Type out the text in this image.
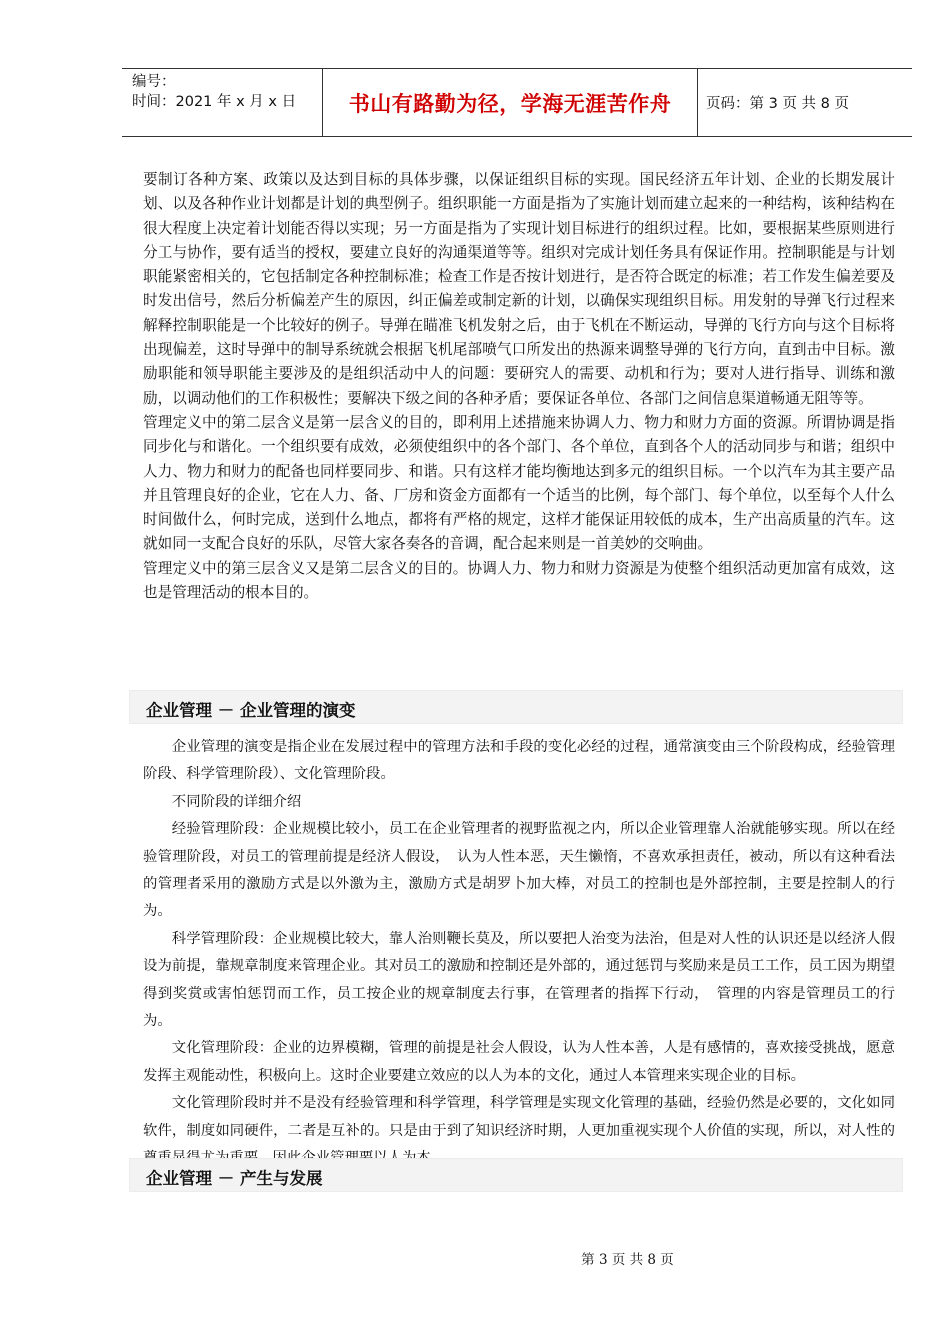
编号：
时间：2021 年 x 月 x 日	书山有路勤为径，学海无涯苦作舟 页码：第 3 页 共 8 页

要制订各种方案、政策以及达到目标的具体步骤，以保证组织目标的实现。国民经济五年计划、企业的长期发展计划、以及各种作业计划都是计划的典型例子。组织职能一方面是指为了实施计划而建立起来的一种结构，该种结构在很大程度上决定着计划能否得以实现；另一方面是指为了实现计划目标进行的组织过程。比如，要根据某些原则进行分工与协作，要有适当的授权，要建立良好的沟通渠道等等。组织对完成计划任务具有保证作用。控制职能是与计划职能紧密相关的，它包括制定各种控制标准；检查工作是否按计划进行，是否符合既定的标准；若工作发生偏差要及时发出信号，然后分析偏差产生的原因，纠正偏差或制定新的计划，以确保实现组织目标。用发射的导弹飞行过程来解释控制职能是一个比较好的例子。导弹在瞄准飞机发射之后，由于飞机在不断运动，导弹的飞行方向与这个目标将出现偏差，这时导弹中的制导系统就会根据飞机尾部喷气口所发出的热源来调整导弹的飞行方向，直到击中目标。激励职能和领导职能主要涉及的是组织活动中人的问题：要研究人的需要、动机和行为；要对人进行指导、训练和激励，以调动他们的工作积极性；要解决下级之间的各种矛盾；要保证各单位、各部门之间信息渠道畅通无阻等等。

管理定义中的第二层含义是第一层含义的目的，即利用上述措施来协调人力、物力和财力方面的资源。所谓协调是指同步化与和谐化。一个组织要有成效，必须使组织中的各个部门、各个单位，直到各个人的活动同步与和谐；组织中人力、物力和财力的配备也同样要同步、和谐。只有这样才能均衡地达到多元的组织目标。一个以汽车为其主要产品并且管理良好的企业，它在人力、备、厂房和资金方面都有一个适当的比例，每个部门、每个单位，以至每个人什么时间做什么，何时完成，送到什么地点，都将有严格的规定，这样才能保证用较低的成本，生产出高质量的汽车。这就如同一支配合良好的乐队，尽管大家各奏各的音调，配合起来则是一首美妙的交响曲。

管理定义中的第三层含义又是第二层含义的目的。协调人力、物力和财力资源是为使整个组织活动更加富有成效，这也是管理活动的根本目的。

企业管理 － 企业管理的演变

企业管理的演变是指企业在发展过程中的管理方法和手段的变化必经的过程，通常演变由三个阶段构成，经验管理阶段、科学管理阶段）、文化管理阶段。

不同阶段的详细介绍

经验管理阶段：企业规模比较小，员工在企业管理者的视野监视之内，所以企业管理靠人治就能够实现。所以在经验管理阶段，对员工的管理前提是经济人假设，　认为人性本恶，天生懒惰，不喜欢承担责任，被动，所以有这种看法的管理者采用的激励方式是以外激为主，激励方式是胡罗卜加大棒，对员工的控制也是外部控制，主要是控制人的行为。

科学管理阶段：企业规模比较大，靠人治则鞭长莫及，所以要把人治变为法治，但是对人性的认识还是以经济人假设为前提，靠规章制度来管理企业。其对员工的激励和控制还是外部的，通过惩罚与奖励来是员工工作，员工因为期望得到奖赏或害怕惩罚而工作，员工按企业的规章制度去行事，在管理者的指挥下行动，　管理的内容是管理员工的行为。

文化管理阶段：企业的边界模糊，管理的前提是社会人假设，认为人性本善，人是有感情的，喜欢接受挑战，愿意发挥主观能动性，积极向上。这时企业要建立效应的以人为本的文化，通过人本管理来实现企业的目标。

文化管理阶段时并不是没有经验管理和科学管理，科学管理是实现文化管理的基础，经验仍然是必要的，文化如同软件，制度如同硬件，二者是互补的。只是由于到了知识经济时期，人更加重视实现个人价值的实现，所以，对人性的

企业管理 － 产生与发展
第 3 页 共 8 页
